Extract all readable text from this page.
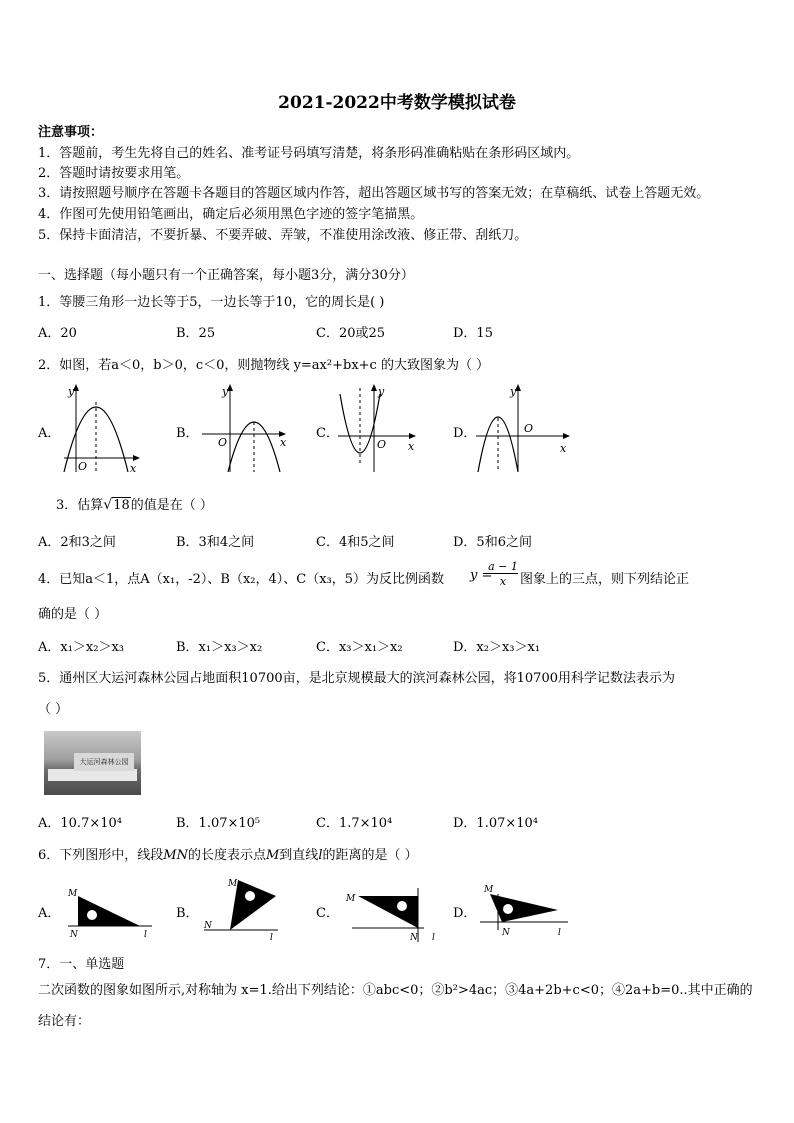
2021-2022中考数学模拟试卷
注意事项：
1．答题前，考生先将自己的姓名、准考证号码填写清楚，将条形码准确粘贴在条形码区域内。
2．答题时请按要求用笔。
3．请按照题号顺序在答题卡各题目的答题区域内作答，超出答题区域书写的答案无效；在草稿纸、试卷上答题无效。
4．作图可先使用铅笔画出，确定后必须用黑色字迹的签字笔描黑。
5．保持卡面清洁，不要折暴、不要弄破、弄皱，不准使用涂改液、修正带、刮纸刀。
一、选择题（每小题只有一个正确答案，每小题3分，满分30分）
1．等腰三角形一边长等于5，一边长等于10，它的周长是( )
A．20	B．25	C．20或25	D．15
2．如图，若a＜0，b＞0，c＜0，则抛物线 y=ax²+bx+c 的大致图象为（ ）
A．	B．	C．	D．
y
x
O
y
x
O
y
x
O
y
x
O
3．估算√18的值是在（ ）
A．2和3之间	B．3和4之间	C．4和5之间	D．5和6之间
4．已知a＜1，点A（x₁，-2）、B（x₂，4）、C（x₃，5）为反比例函数 y =
a − 1
x	图象上的三点，则下列结论正
确的是（ ）
A．x₁＞x₂＞x₃	B．x₁＞x₃＞x₂	C．x₃＞x₁＞x₂	D．x₂＞x₃＞x₁
5．通州区大运河森林公园占地面积10700亩，是北京规模最大的滨河森林公园，将10700用科学记数法表示为
（ ）
大运河森林公园
A．10.7×10⁴	B．1.07×10⁵	C．1.7×10⁴	D．1.07×10⁴
6．下列图形中，线段MN的长度表示点M到直线l的距离的是（ ）
A．	B．	C．	D．
M
N	l
M
N
l
M
N l
M
N	l
7．一、单选题
二次函数的图象如图所示,对称轴为 x=1.给出下列结论：①abc<0；②b²>4ac；③4a+2b+c<0；④2a+b=0..其中正确的
结论有：
